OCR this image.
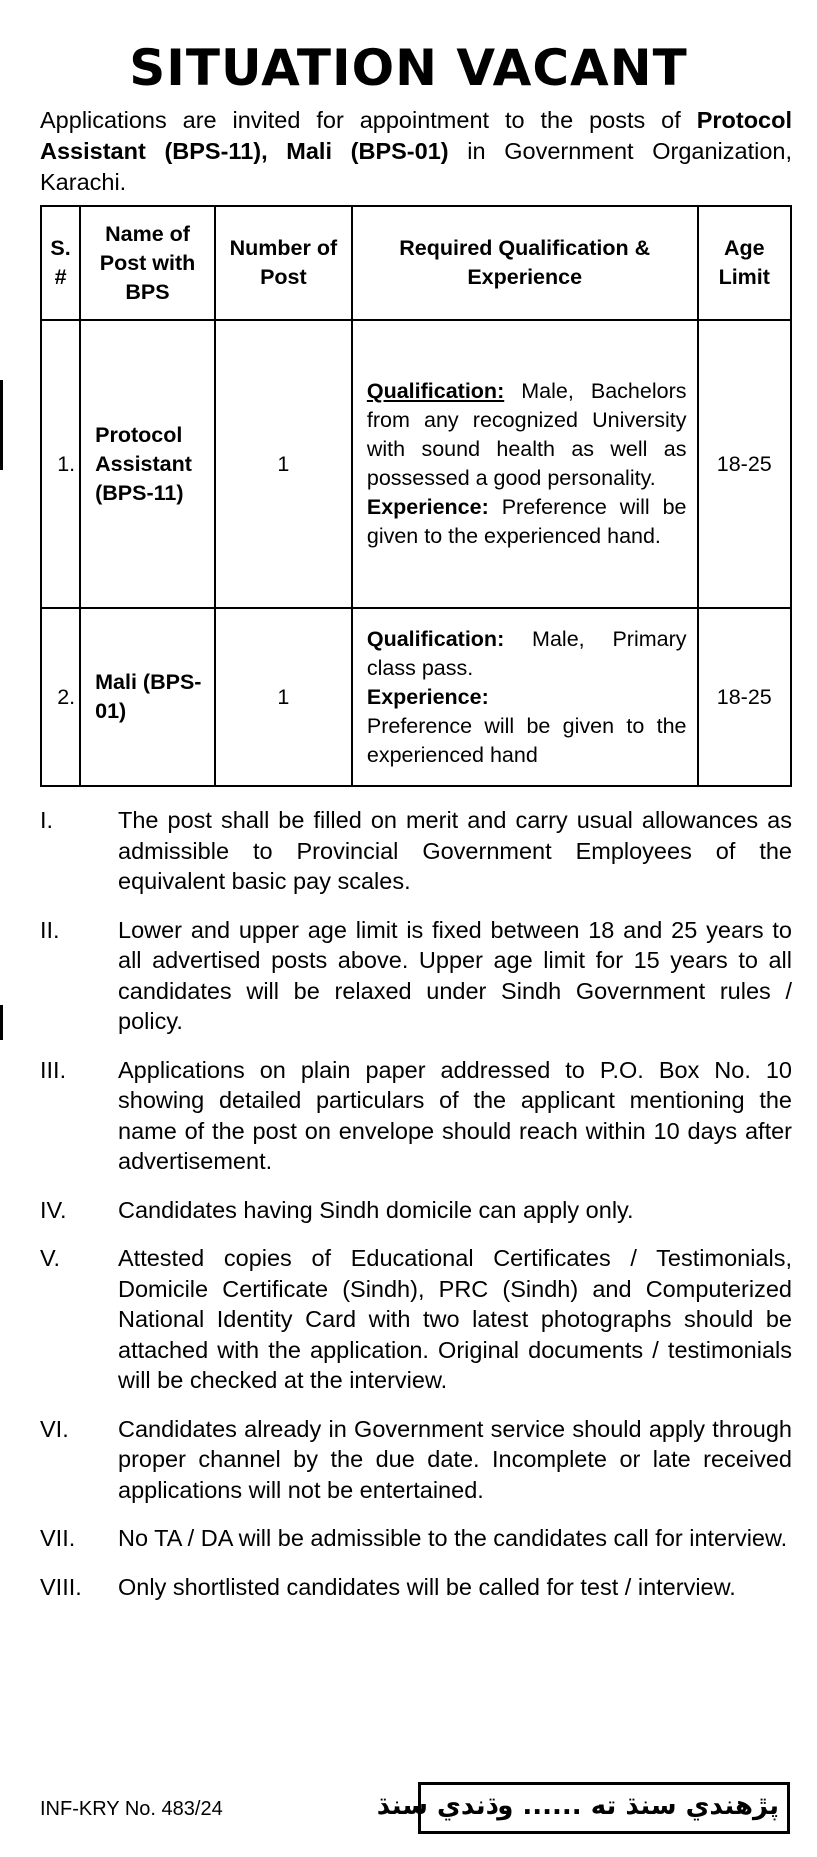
SITUATION VACANT

Applications are invited for appointment to the posts of Protocol Assistant (BPS-11), Mali (BPS-01) in Government Organization, Karachi.

S. #	Name of Post with BPS	Number of Post	Required Qualification & Experience	Age Limit
1.	Protocol Assistant (BPS-11)	1	Qualification: Male, Bachelors from any recognized University with sound health as well as possessed a good personality.
Experience: Preference will be given to the experienced hand.	18-25
2.	Mali (BPS-01)	1	Qualification: Male, Primary class pass.
Experience:
Preference will be given to the experienced hand	18-25
I.	The post shall be filled on merit and carry usual allowances as admissible to Provincial Government Employees of the equivalent basic pay scales.
II. Lower and upper age limit is fixed between 18 and 25 years to all advertised posts above. Upper age limit for 15 years to all candidates will be relaxed under Sindh Government rules / policy.
III. Applications on plain paper addressed to P.O. Box No. 10 showing detailed particulars of the applicant mentioning the name of the post on envelope should reach within 10 days after advertisement.
IV. Candidates having Sindh domicile can apply only.
V. Attested copies of Educational Certificates / Testimonials, Domicile Certificate (Sindh), PRC (Sindh) and Computerized National Identity Card with two latest photographs should be attached with the application. Original documents / testimonials will be checked at the interview.
VI. Candidates already in Government service should apply through proper channel by the due date. Incomplete or late received applications will not be entertained.
VII. No TA / DA will be admissible to the candidates call for interview.
VIII. Only shortlisted candidates will be called for test / interview.
INF-KRY No. 483/24	پڙهندي سنڌ ته ...... وڌندي سنڌ
